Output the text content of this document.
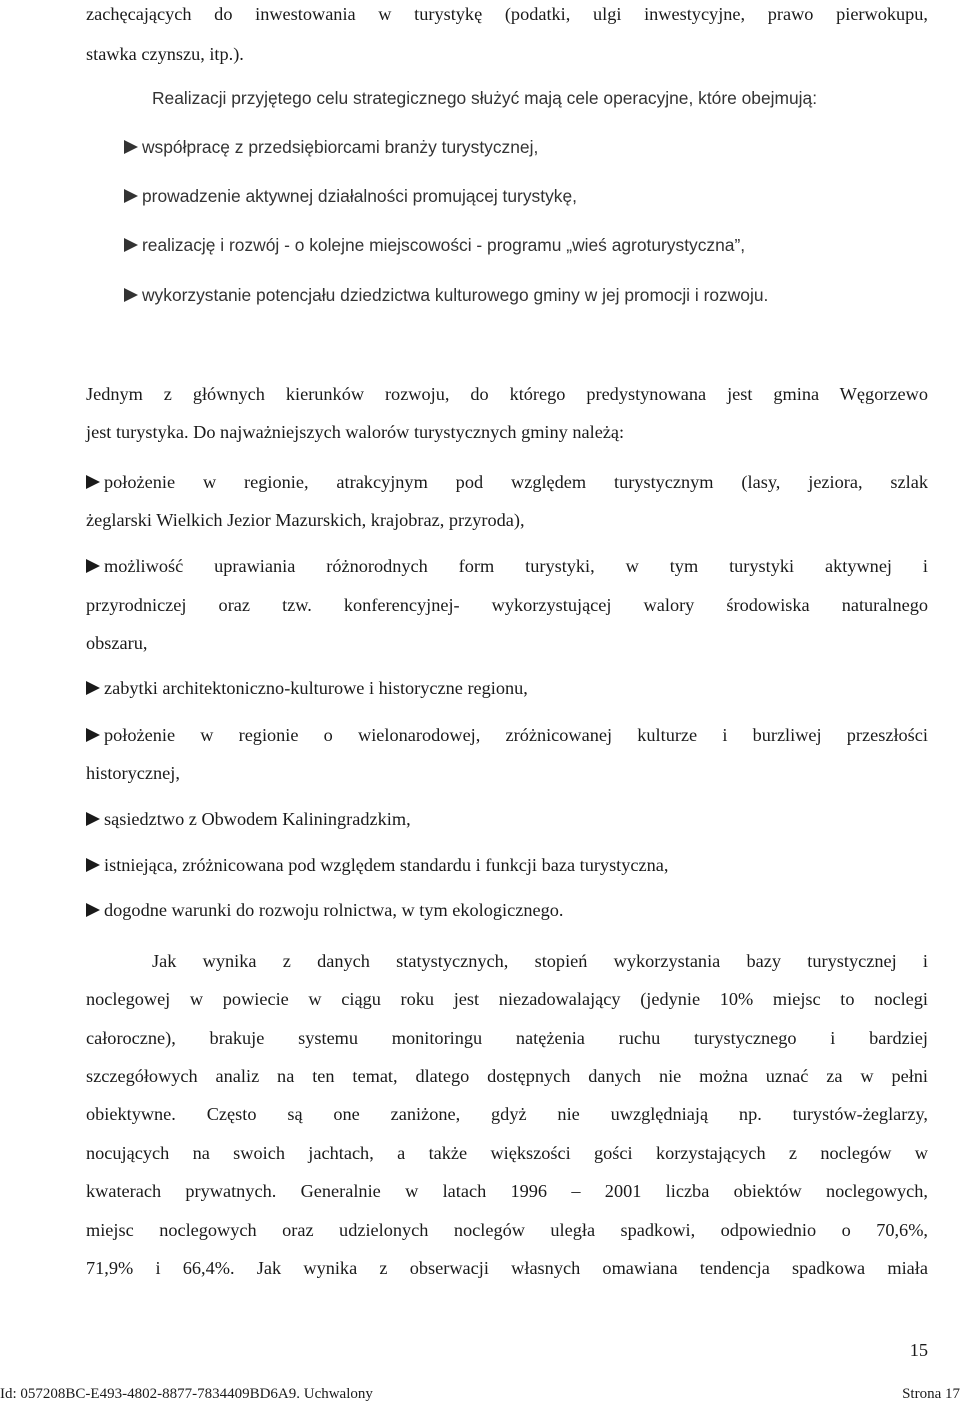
zachęcających do inwestowania w turystykę (podatki, ulgi inwestycyjne, prawo pierwokupu,
stawka czynszu, itp.).
Realizacji przyjętego celu strategicznego służyć mają cele operacyjne, które obejmują:
współpracę z przedsiębiorcami branży turystycznej,
prowadzenie aktywnej działalności promującej turystykę,
realizację i rozwój - o kolejne miejscowości - programu „wieś agroturystyczna”,
wykorzystanie potencjału dziedzictwa kulturowego gminy w jej promocji i rozwoju.
Jednym z głównych kierunków rozwoju, do którego predystynowana jest gmina Węgorzewo
jest turystyka. Do najważniejszych walorów turystycznych gminy należą:
położenie w regionie, atrakcyjnym pod względem turystycznym (lasy, jeziora, szlak
żeglarski Wielkich Jezior Mazurskich, krajobraz, przyroda),
możliwość uprawiania różnorodnych form turystyki, w tym turystyki aktywnej i
przyrodniczej oraz tzw. konferencyjnej- wykorzystującej walory środowiska naturalnego
obszaru,
zabytki architektoniczno-kulturowe i historyczne regionu,
położenie w regionie o wielonarodowej, zróżnicowanej kulturze i burzliwej przeszłości
historycznej,
sąsiedztwo z Obwodem Kaliningradzkim,
istniejąca, zróżnicowana pod względem standardu i funkcji baza turystyczna,
dogodne warunki do rozwoju rolnictwa, w tym ekologicznego.
Jak wynika z danych statystycznych, stopień wykorzystania bazy turystycznej i
noclegowej w powiecie w ciągu roku jest niezadowalający (jedynie 10% miejsc to noclegi
całoroczne), brakuje systemu monitoringu natężenia ruchu turystycznego i bardziej
szczegółowych analiz na ten temat, dlatego dostępnych danych nie można uznać za w pełni
obiektywne. Często są one zaniżone, gdyż nie uwzględniają np. turystów-żeglarzy,
nocujących na swoich jachtach, a także większości gości korzystających z noclegów w
kwaterach prywatnych. Generalnie w latach 1996 – 2001 liczba obiektów noclegowych,
miejsc noclegowych oraz udzielonych noclegów uległa spadkowi, odpowiednio o 70,6%,
71,9% i 66,4%. Jak wynika z obserwacji własnych omawiana tendencja spadkowa miała
15
Id: 057208BC-E493-4802-8877-7834409BD6A9. Uchwalony	Strona 17
